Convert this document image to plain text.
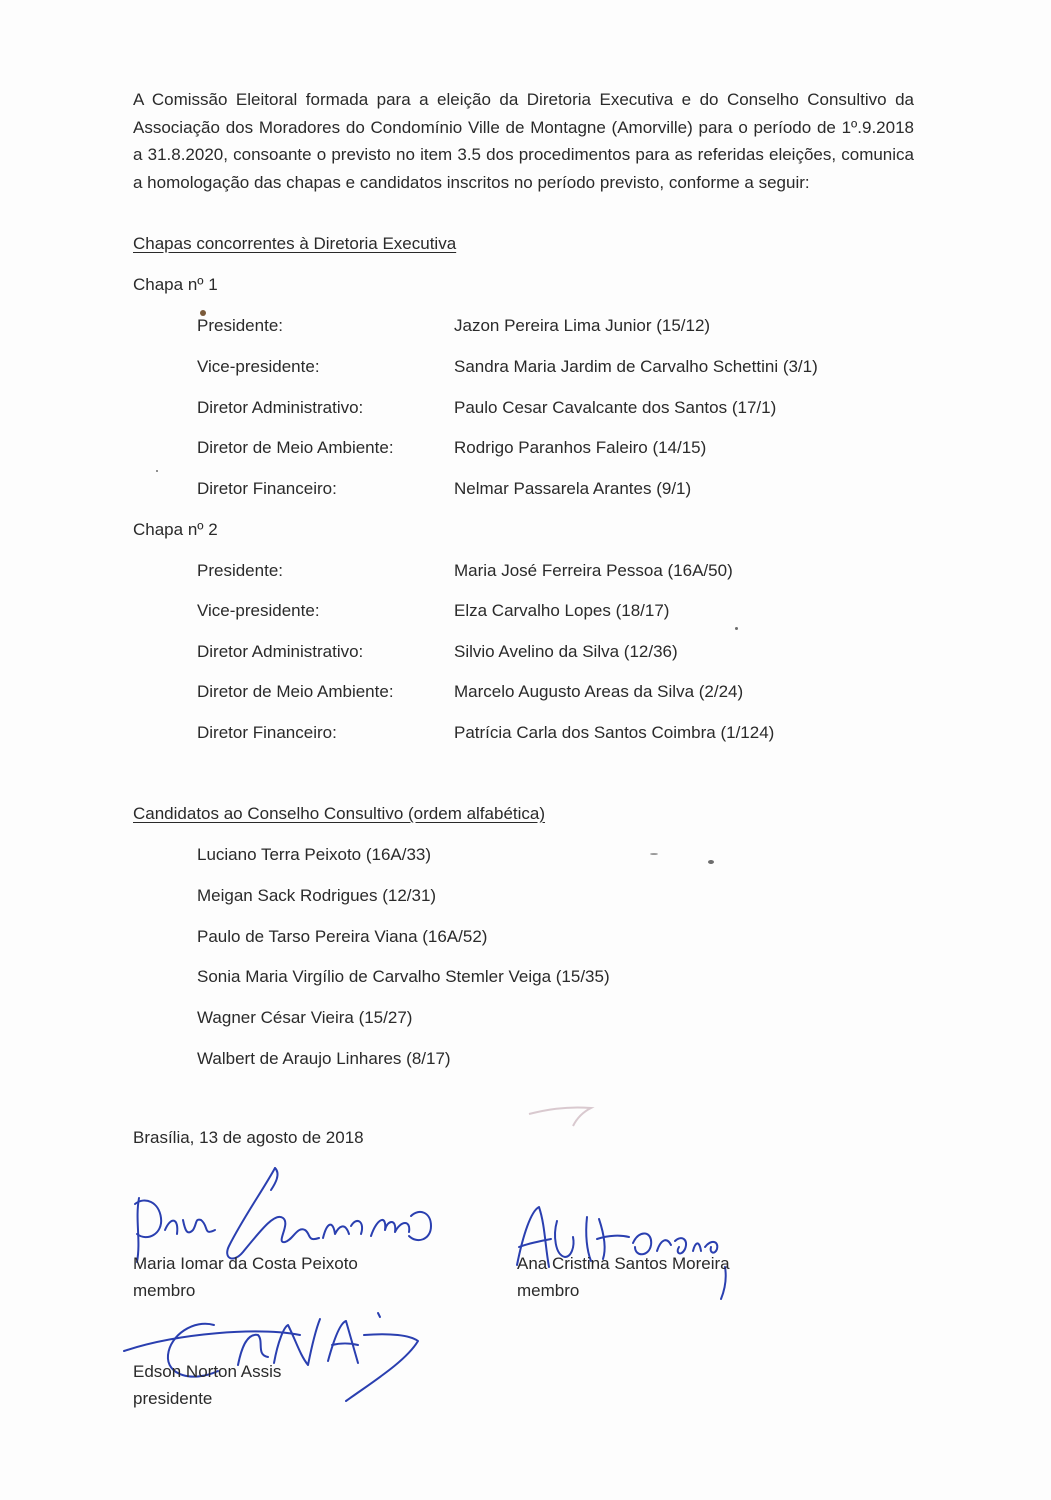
A Comissão Eleitoral formada para a eleição da Diretoria Executiva e do Conselho Consultivo da Associação dos Moradores do Condomínio Ville de Montagne (Amorville) para o período de 1º.9.2018 a 31.8.2020, consoante o previsto no item 3.5 dos procedimentos para as referidas eleições, comunica a homologação das chapas e candidatos inscritos no período previsto, conforme a seguir:

Chapas concorrentes à Diretoria Executiva
Chapa nº 1
Presidente:	Jazon Pereira Lima Junior (15/12)
Vice-presidente:	Sandra Maria Jardim de Carvalho Schettini (3/1)
Diretor Administrativo:	Paulo Cesar Cavalcante dos Santos (17/1)
Diretor de Meio Ambiente:	Rodrigo Paranhos Faleiro (14/15)
Diretor Financeiro:	Nelmar Passarela Arantes (9/1)
Chapa nº 2
Presidente:	Maria José Ferreira Pessoa (16A/50)
Vice-presidente:	Elza Carvalho Lopes (18/17)
Diretor Administrativo:	Silvio Avelino da Silva (12/36)
Diretor de Meio Ambiente:	Marcelo Augusto Areas da Silva (2/24)
Diretor Financeiro:	Patrícia Carla dos Santos Coimbra (1/124)
Candidatos ao Conselho Consultivo (ordem alfabética)
Luciano Terra Peixoto (16A/33)
Meigan Sack Rodrigues (12/31)
Paulo de Tarso Pereira Viana (16A/52)
Sonia Maria Virgílio de Carvalho Stemler Veiga (15/35)
Wagner César Vieira (15/27)
Walbert de Araujo Linhares (8/17)
Brasília, 13 de agosto de 2018
Maria Iomar da Costa Peixoto
membro
Ana Cristina Santos Moreira
membro
Edson Norton Assis
presidente
